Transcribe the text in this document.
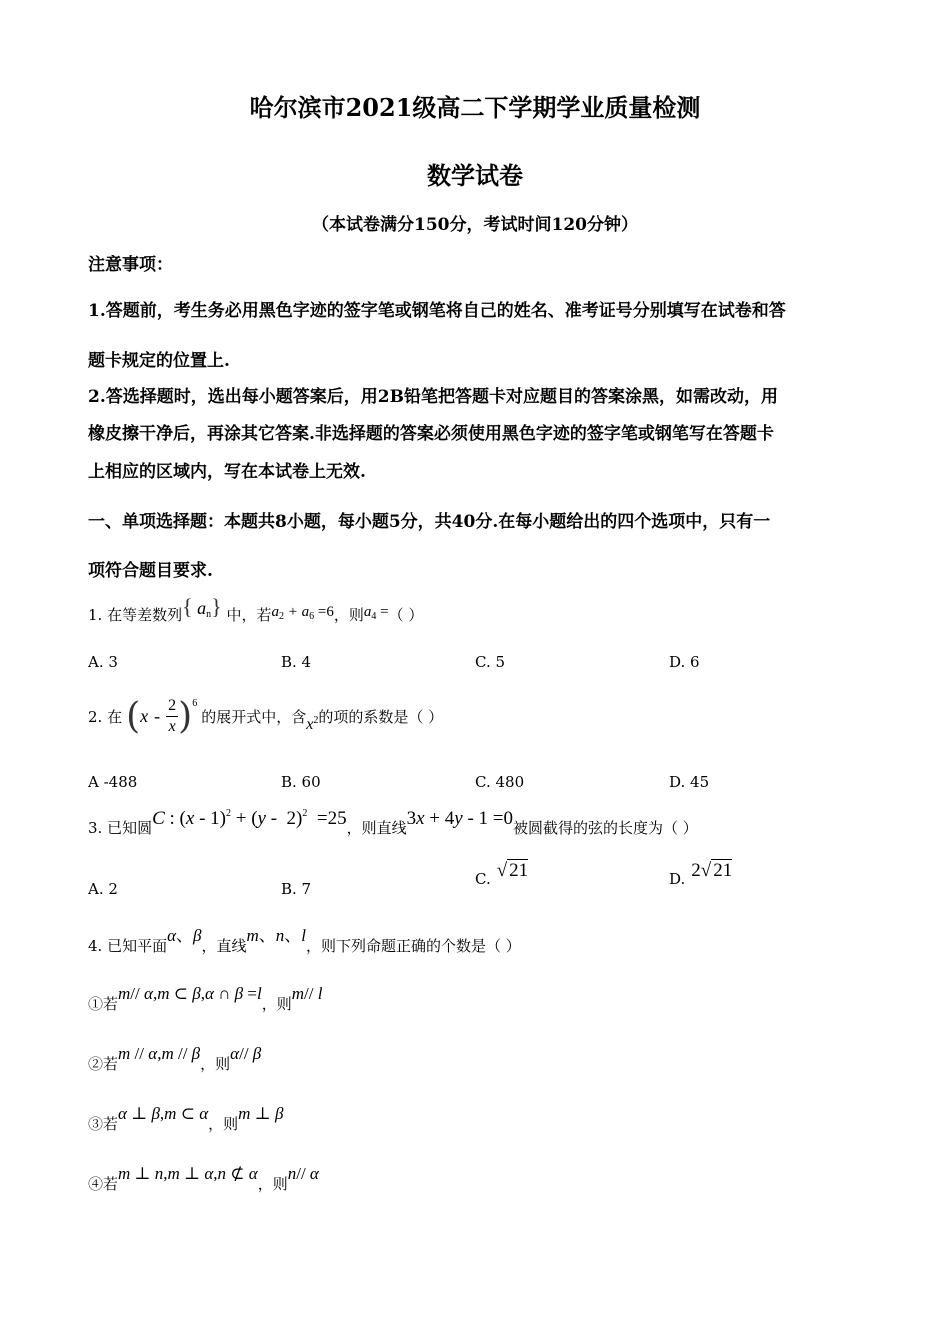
哈尔滨市2021级高二下学期学业质量检测
数学试卷
（本试卷满分150分，考试时间120分钟）
注意事项：
1.答题前，考生务必用黑色字迹的签字笔或钢笔将自己的姓名、准考证号分别填写在试卷和答
题卡规定的位置上.
2.答选择题时，选出每小题答案后，用2B铅笔把答题卡对应题目的答案涂黑，如需改动，用
橡皮擦干净后，再涂其它答案.非选择题的答案必须使用黑色字迹的签字笔或钢笔写在答题卡
上相应的区域内，写在本试卷上无效.
一、单项选择题：本题共8小题，每小题5分，共40分.在每小题给出的四个选项中，只有一
项符合题目要求.
1. 在等差数列{ $a_n$} 中，若$a_2 + a_6 =6$，则$a_4$ =（ ）
A. 3	B. 4	C. 5	D. 6
2. 在 ( x - $\frac{2}{x}$ ) 6
的展开式中，含 $x^2$ 的项的系数是（ ）
A -488	B. 60	C. 480	D. 45
3. 已知圆 C : (x - 1)$^2$ + (y -  2)$^2$  =25 ，则直线 3x + 4y - 1 =0 被圆截得的弦的长度为（ ）
A. 2	B. 7
C. √ 21	D. 2√ 21
4. 已知平面
α、β
，直线
m、n、l
，则下列命题正确的个数是（ ）
①若
m// α,m ⊂ β,α ∩ β =l
，则
m// l
②若
m // α,m // β
，则
α// β
③若
α ⊥ β,m ⊂ α
，则
m ⊥ β
④若
m ⊥ n,m ⊥ α,n ⊄ α
，则
n// α
